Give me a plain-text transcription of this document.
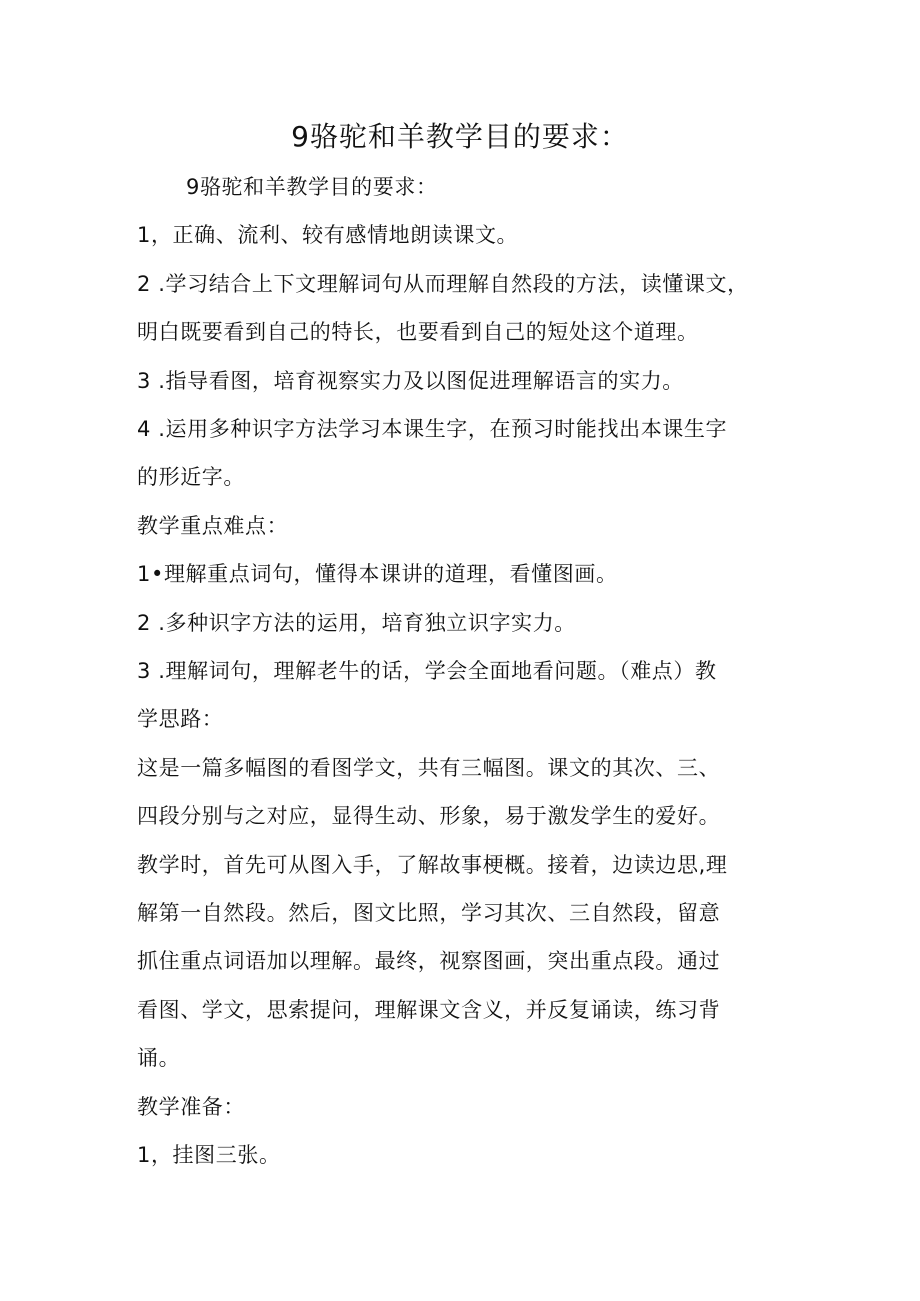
9骆驼和羊教学目的要求：
9骆驼和羊教学目的要求：
1，正确、流利、较有感情地朗读课文。
2 .学习结合上下文理解词句从而理解自然段的方法，读懂课文，
明白既要看到自己的特长，也要看到自己的短处这个道理。
3 .指导看图，培育视察实力及以图促进理解语言的实力。
4 .运用多种识字方法学习本课生字，在预习时能找出本课生字
的形近字。
教学重点难点：
1•理解重点词句，懂得本课讲的道理，看懂图画。
2 .多种识字方法的运用，培育独立识字实力。
3 .理解词句，理解老牛的话，学会全面地看问题。（难点）教
学思路：
这是一篇多幅图的看图学文，共有三幅图。课文的其次、三、
四段分别与之对应，显得生动、形象，易于激发学生的爱好。
教学时，首先可从图入手，了解故事梗概。接着，边读边思,理
解第一自然段。然后，图文比照，学习其次、三自然段，留意
抓住重点词语加以理解。最终，视察图画，突出重点段。通过
看图、学文，思索提问，理解课文含义，并反复诵读，练习背
诵。
教学准备：
1，挂图三张。
